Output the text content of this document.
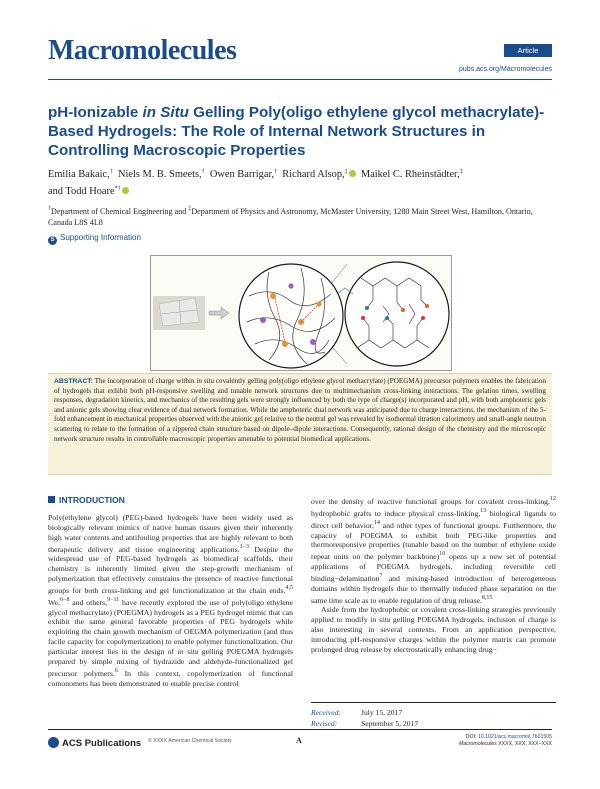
Macromolecules	Article
pubs.acs.org/Macromolecules
pH-Ionizable in Situ Gelling Poly(oligo ethylene glycol methacrylate)-Based Hydrogels: The Role of Internal Network Structures in Controlling Macroscopic Properties
Emilia Bakaic,† Niels M. B. Smeets,† Owen Barrigar,† Richard Alsop,‡ Maikel C. Rheinstädter,‡
and Todd Hoare*†
†Department of Chemical Engineering and ‡Department of Physics and Astronomy, McMaster University, 1280 Main Street West, Hamilton, Ontario, Canada L8S 4L8
S Supporting Information
ABSTRACT: The incorporation of charge within in situ covalently gelling poly(oligo ethylene glycol methacrylate) (POEGMA) precursor polymers enables the fabrication of hydrogels that exhibit both pH-responsive swelling and tunable network structures due to multimechanism cross-linking interactions. The gelation times, swelling responses, degradation kinetics, and mechanics of the resulting gels were strongly influenced by both the type of charge(s) incorporated and pH, with both amphoteric gels and anionic gels showing clear evidence of dual network formation. While the amphoteric dual network was anticipated due to charge interactions, the mechanism of the 5-fold enhancement in mechanical properties observed with the anionic gel relative to the neutral gel was revealed by isothermal titration calorimetry and small-angle neutron scattering to relate to the formation of a zippered chain structure based on dipole–dipole interactions. Consequently, rational design of the chemistry and the microscopic network structure results in controllable macroscopic properties amenable to potential biomedical applications.
INTRODUCTION

Poly(ethylene glycol) (PEG)-based hydrogels have been widely used as biologically relevant mimics of native human tissues given their inherently high water contents and antifouling properties that are highly relevant to both therapeutic delivery and tissue engineering applications.$^{1-3}$ Despite the widespread use of PEG-based hydrogels as biomedical scaffolds, their chemistry is inherently limited given the step-growth mechanism of polymerization that effectively constrains the presence of reactive functional groups for both cross-linking and gel functionalization at the chain ends.$^{4,5}$ We,$^{6-8}$ and others,$^{9-11}$ have recently explored the use of poly(oligo ethylene glycol methacrylate) (POEGMA) hydrogels as a PEG hydrogel mimic that can exhibit the same general favorable properties of PEG hydrogels while exploiting the chain growth mechanism of OEGMA polymerization (and thus facile capacity for copolymerization) to enable polymer functionalization. Our particular interest lies in the design of in situ gelling POEGMA hydrogels prepared by simple mixing of hydrazide and aldehyde-functionalized gel precursor polymers.$^6$ In this context, copolymerization of functional comonomers has been demonstrated to enable precise control

over the density of reactive functional groups for covalent cross-linking,$^{12}$ hydrophobic grafts to induce physical cross-linking,$^{13}$ biological ligands to direct cell behavior,$^{14}$ and other types of functional groups. Furthermore, the capacity of POEGMA to exhibit both PEG-like properties and thermoresponsive properties (tunable based on the number of ethylene oxide repeat units on the polymer backbone)$^{10}$ opens up a new set of potential applications of POEGMA hydrogels, including reversible cell binding−delamination$^7$ and mixing-based introduction of heterogeneous domains within hydrogels due to thermally induced phase separation on the same time scale as to enable regulation of drug release.$^{8,15}$

Aside from the hydrophobic or covalent cross-linking strategies previously applied to modify in situ gelling POEGMA hydrogels, inclusion of charge is also interesting in several contexts. From an application perspective, introducing pH-responsive charges within the polymer matrix can promote prolonged drug release by electrostatically enhancing drug−

Received:	July 15, 2017
Revised:	September 5, 2017
ACS Publications © XXXX American Chemical Society	A	DOI: 10.1021/acs.macromol.7b01505
Macromolecules XXXX, XXX, XXX−XXX
